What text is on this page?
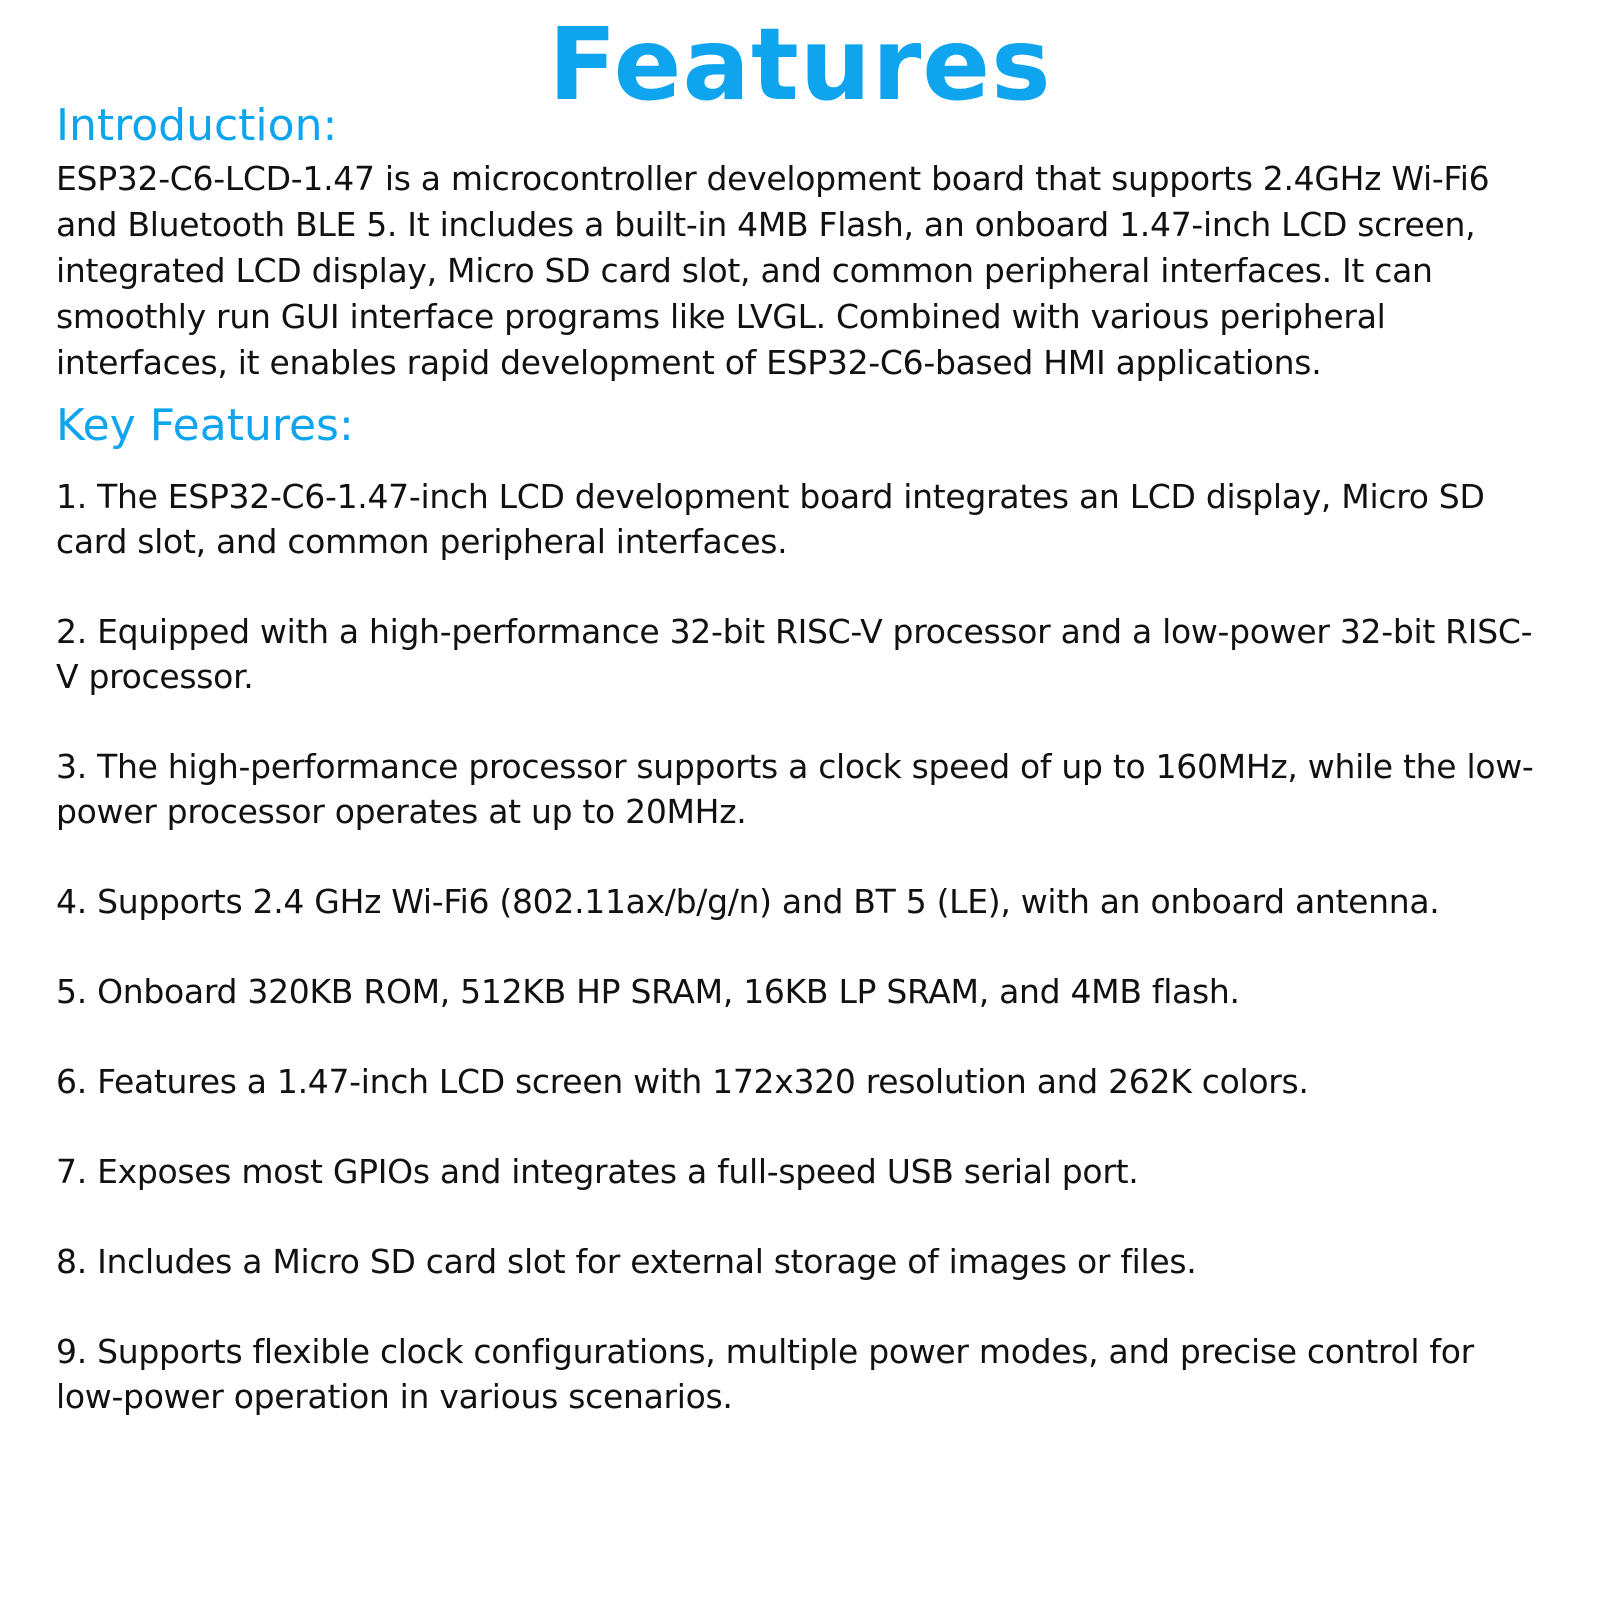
Features
Introduction:

ESP32-C6-LCD-1.47 is a microcontroller development board that supports 2.4GHz Wi-Fi6 and Bluetooth BLE 5. It includes a built-in 4MB Flash, an onboard 1.47-inch LCD screen, integrated LCD display, Micro SD card slot, and common peripheral interfaces. It can smoothly run GUI interface programs like LVGL. Combined with various peripheral interfaces, it enables rapid development of ESP32-C6-based HMI applications.

Key Features:
1. The ESP32-C6-1.47-inch LCD development board integrates an LCD display, Micro SD card slot, and common peripheral interfaces.
2. Equipped with a high-performance 32-bit RISC-V processor and a low-power 32-bit RISC-V processor.
3. The high-performance processor supports a clock speed of up to 160MHz, while the low-power processor operates at up to 20MHz.
4. Supports 2.4 GHz Wi-Fi6 (802.11ax/b/g/n) and BT 5 (LE), with an onboard antenna.
5. Onboard 320KB ROM, 512KB HP SRAM, 16KB LP SRAM, and 4MB flash.
6. Features a 1.47-inch LCD screen with 172x320 resolution and 262K colors.
7. Exposes most GPIOs and integrates a full-speed USB serial port.
8. Includes a Micro SD card slot for external storage of images or files.
9. Supports flexible clock configurations, multiple power modes, and precise control for low-power operation in various scenarios.
